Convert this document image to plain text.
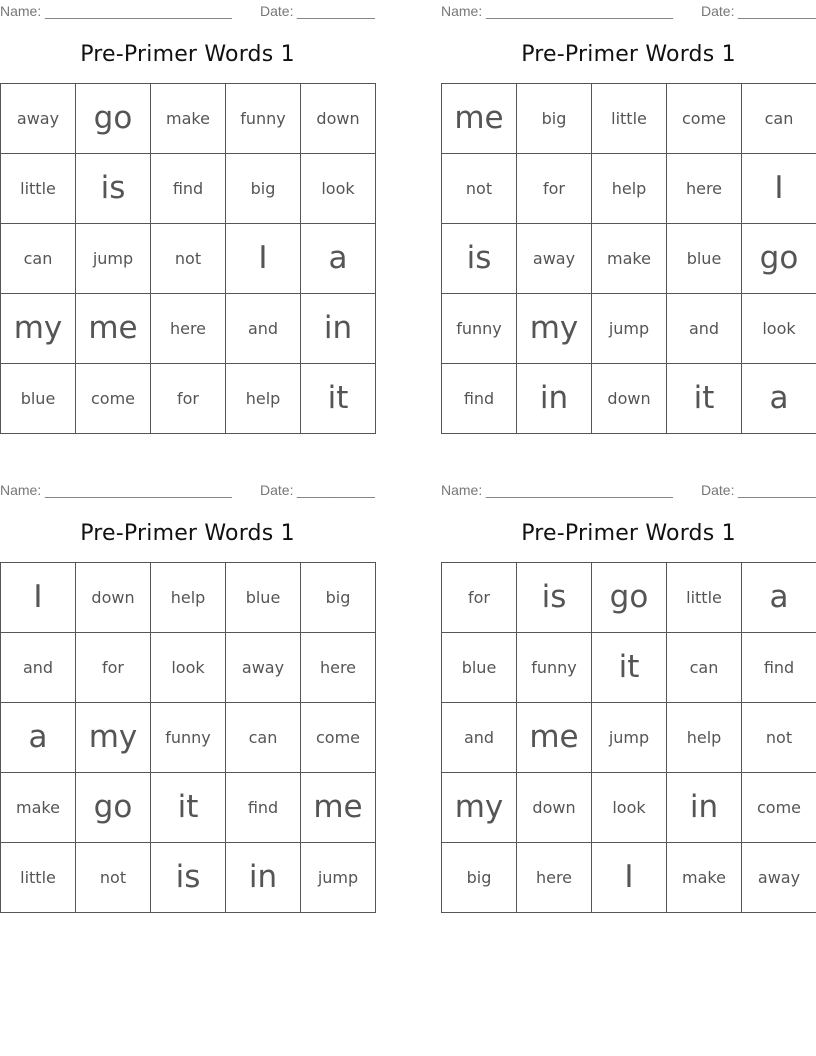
Name: ________________________ Date: __________
Pre-Primer Words 1
away	go	make	funny	down
little	is	find	big	look
can	jump	not	I	a
my	me	here	and	in
blue	come	for	help	it
Name: ________________________ Date: __________
Pre-Primer Words 1
me	big	little	come	can
not	for	help	here	I
is	away	make	blue	go
funny	my	jump	and	look
find	in	down	it	a
Name: ________________________ Date: __________
Pre-Primer Words 1
I	down	help	blue	big
and	for	look	away	here
a	my	funny	can	come
make	go	it	find	me
little	not	is	in	jump
Name: ________________________ Date: __________
Pre-Primer Words 1
for	is	go	little	a
blue	funny	it	can	find
and	me	jump	help	not
my	down	look	in	come
big	here	I	make	away
